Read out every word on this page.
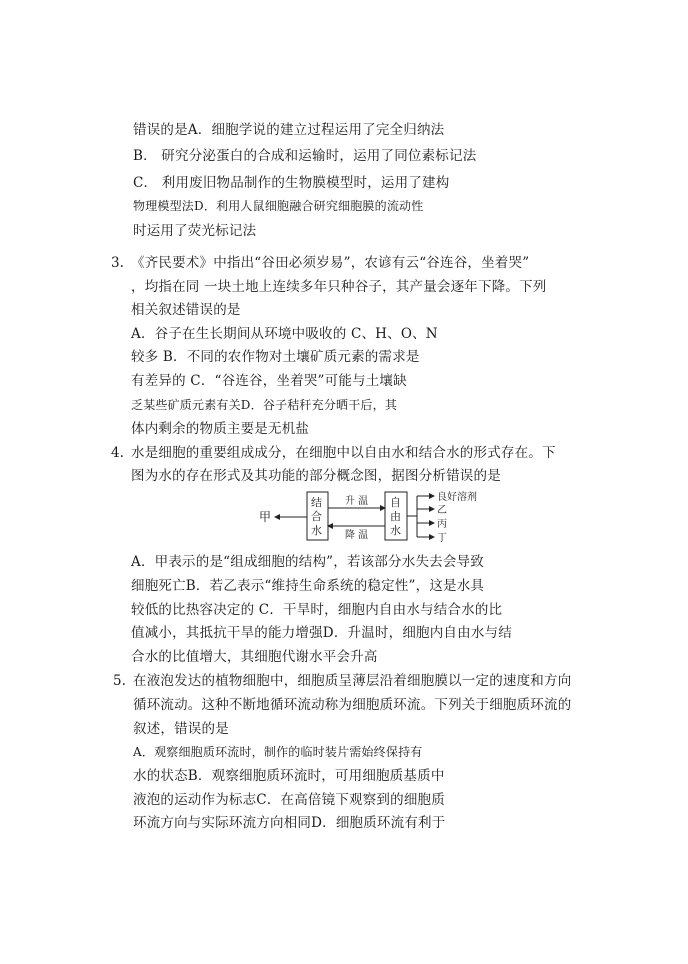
错误的是A．细胞学说的建立过程运用了完全归纳法
B． 研究分泌蛋白的合成和运输时，运用了同位素标记法
C． 利用废旧物品制作的生物膜模型时，运用了建构
物理模型法D．利用人鼠细胞融合研究细胞膜的流动性
时运用了荧光标记法
3. 《齐民要术》中指出“谷田必须岁易”，农谚有云“谷连谷，坐着哭”
，均指在同 一块土地上连续多年只种谷子，其产量会逐年下降。下列
相关叙述错误的是
A．谷子在生长期间从环境中吸收的 C、H、O、N
较多 B．不同的农作物对土壤矿质元素的需求是
有差异的 C．“谷连谷，坐着哭”可能与土壤缺
乏某些矿质元素有关D．谷子秸秆充分晒干后，其
体内剩余的物质主要是无机盐
4. 水是细胞的重要组成成分，在细胞中以自由水和结合水的形式存在。下
图为水的存在形式及其功能的部分概念图，据图分析错误的是
甲
结
合
水
升 温
降 温
自
由
水
良好溶剂
乙
丙
丁
A．甲表示的是“组成细胞的结构”，若该部分水失去会导致
细胞死亡B．若乙表示“维持生命系统的稳定性”，这是水具
较低的比热容决定的 C．干旱时，细胞内自由水与结合水的比
值减小，其抵抗干旱的能力增强D．升温时，细胞内自由水与结
合水的比值增大，其细胞代谢水平会升高
5. 在液泡发达的植物细胞中，细胞质呈薄层沿着细胞膜以一定的速度和方向
循环流动。这种不断地循环流动称为细胞质环流。下列关于细胞质环流的
叙述，错误的是
A．观察细胞质环流时，制作的临时装片需始终保持有
水的状态B．观察细胞质环流时，可用细胞质基质中
液泡的运动作为标志C．在高倍镜下观察到的细胞质
环流方向与实际环流方向相同D．细胞质环流有利于
